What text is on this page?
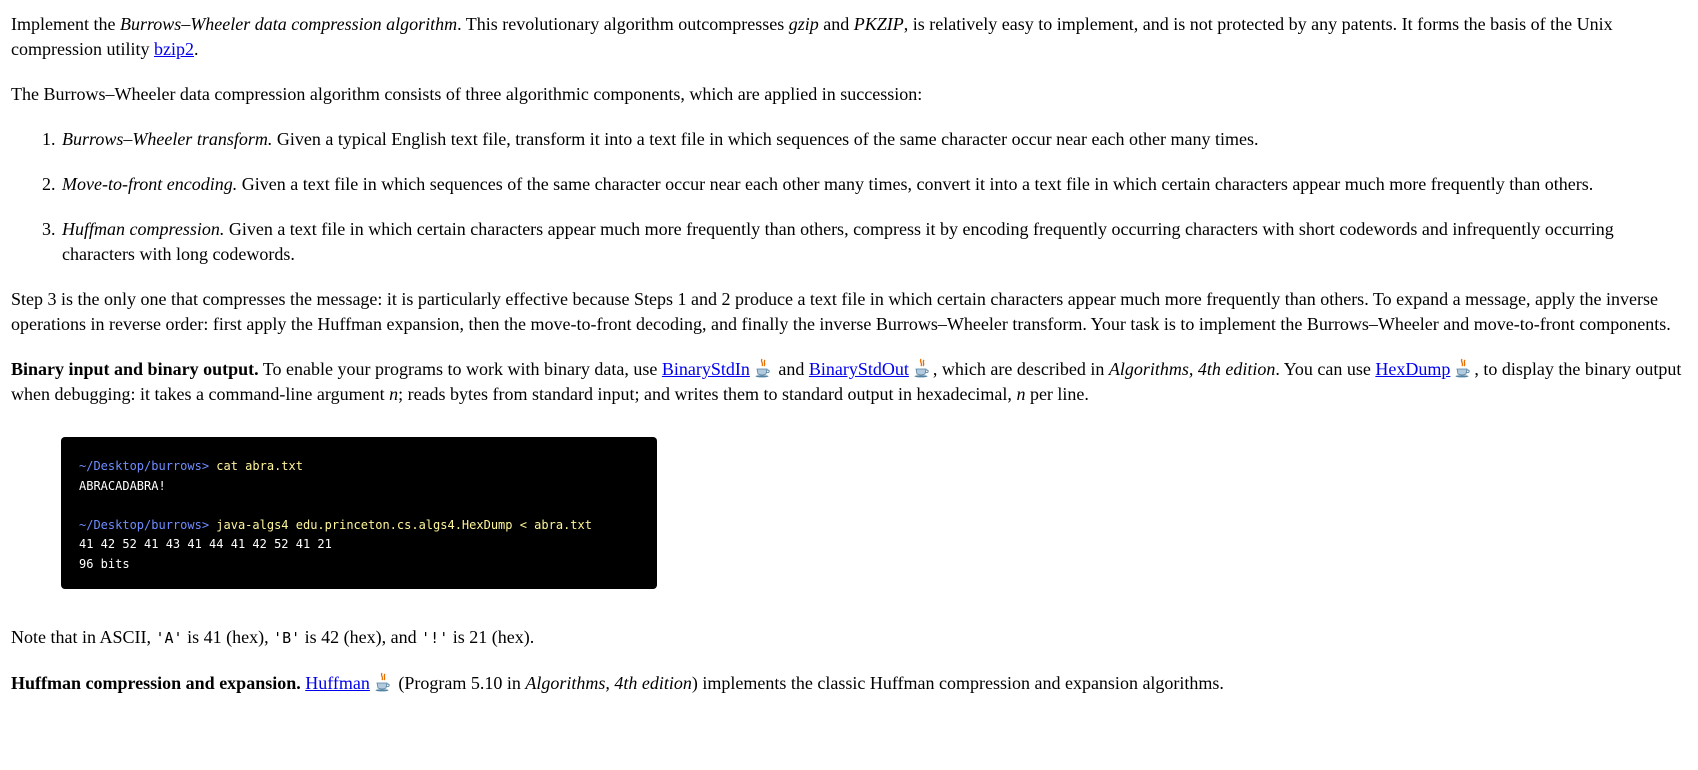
Implement the Burrows–Wheeler data compression algorithm. This revolutionary algorithm outcompresses gzip and PKZIP, is relatively easy to implement, and is not protected by any patents. It forms the basis of the Unix compression utility bzip2.

The Burrows–Wheeler data compression algorithm consists of three algorithmic components, which are applied in succession:

1. Burrows–Wheeler transform. Given a typical English text file, transform it into a text file in which sequences of the same character occur near each other many times.
2. Move-to-front encoding. Given a text file in which sequences of the same character occur near each other many times, convert it into a text file in which certain characters appear much more frequently than others.
3. Huffman compression. Given a text file in which certain characters appear much more frequently than others, compress it by encoding frequently occurring characters with short codewords and infrequently occurring characters with long codewords.

Step 3 is the only one that compresses the message: it is particularly effective because Steps 1 and 2 produce a text file in which certain characters appear much more frequently than others. To expand a message, apply the inverse operations in reverse order: first apply the Huffman expansion, then the move-to-front decoding, and finally the inverse Burrows–Wheeler transform. Your task is to implement the Burrows–Wheeler and move-to-front components.

Binary input and binary output. To enable your programs to work with binary data, use BinaryStdIn and BinaryStdOut , which are described in Algorithms, 4th edition. You can use HexDump , to display the binary output when debugging: it takes a command-line argument n; reads bytes from standard input; and writes them to standard output in hexadecimal, n per line.

~/Desktop/burrows> cat abra.txt
ABRACADABRA!
~/Desktop/burrows> java-algs4 edu.princeton.cs.algs4.HexDump < abra.txt
41 42 52 41 43 41 44 41 42 52 41 21
96 bits

Note that in ASCII, 'A' is 41 (hex), 'B' is 42 (hex), and '!' is 21 (hex).

Huffman compression and expansion. Huffman (Program 5.10 in Algorithms, 4th edition) implements the classic Huffman compression and expansion algorithms.
